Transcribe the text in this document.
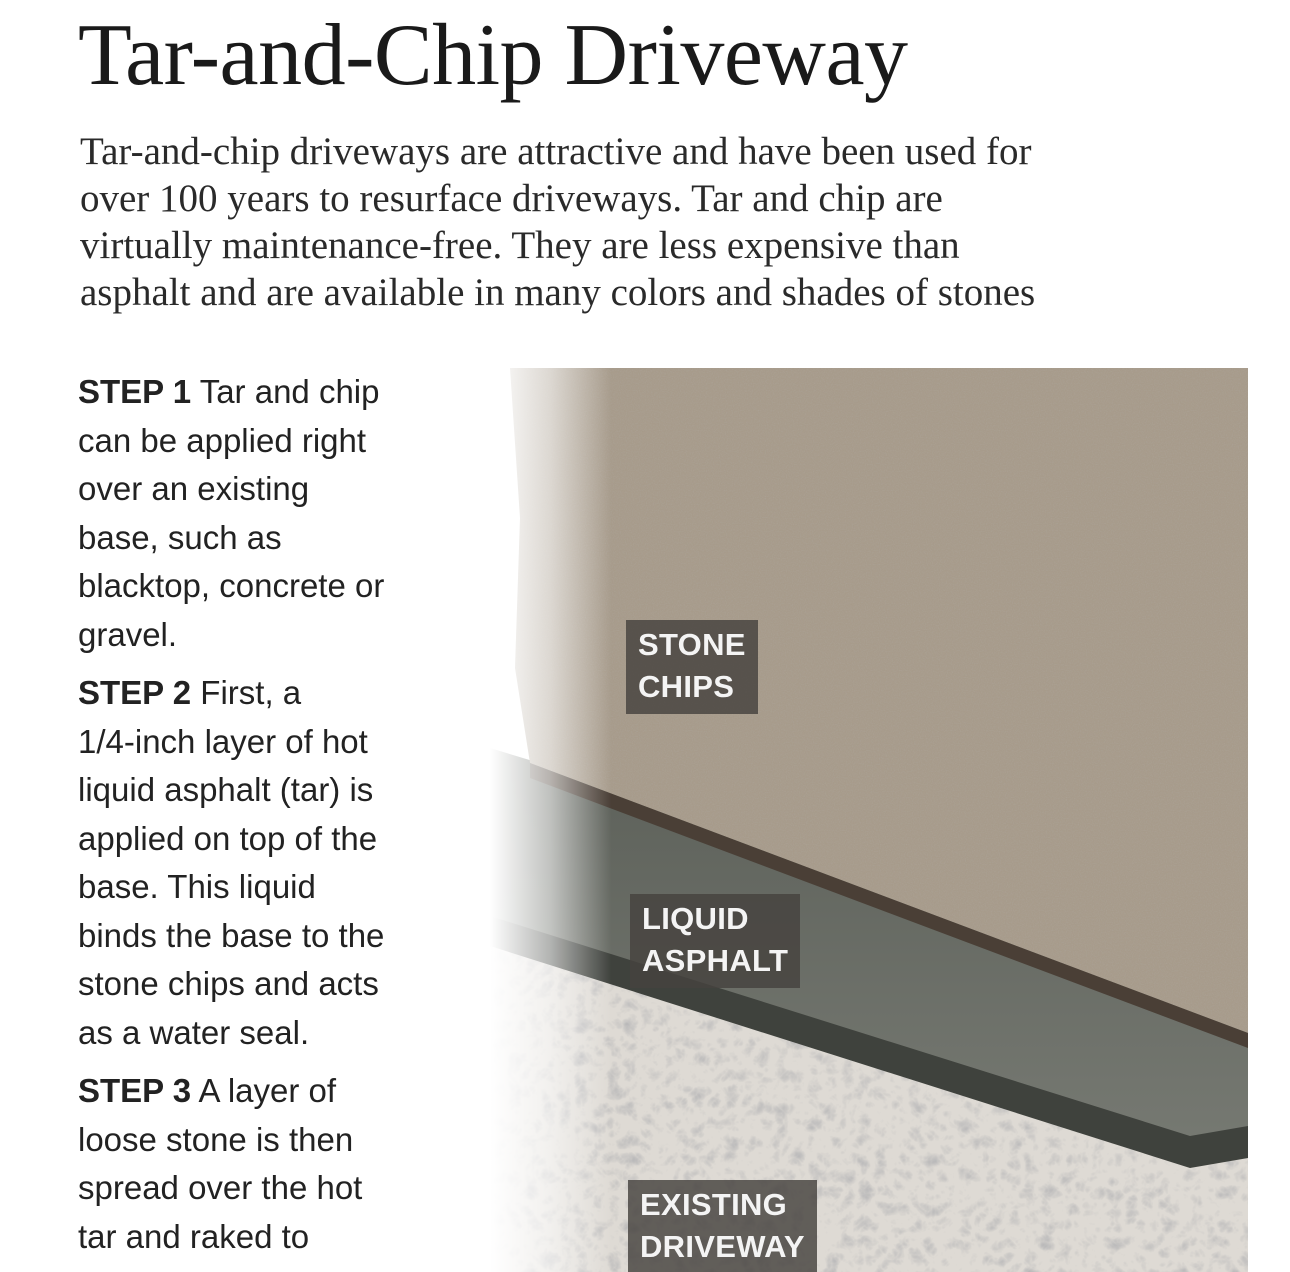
Tar-and-Chip Driveway
Tar-and-chip driveways are attractive and have been used for
over 100 years to resurface driveways. Tar and chip are
virtually maintenance-free. They are less expensive than
asphalt and are available in many colors and shades of stones
STEP 1 Tar and chip
can be applied right
over an existing
base, such as
blacktop, concrete or
gravel.
STEP 2 First, a
1/4-inch layer of hot
liquid asphalt (tar) is
applied on top of the
base. This liquid
binds the base to the
stone chips and acts
as a water seal.
STEP 3 A layer of
loose stone is then
spread over the hot
tar and raked to
STONE
CHIPS
LIQUID
ASPHALT
EXISTING
DRIVEWAY
